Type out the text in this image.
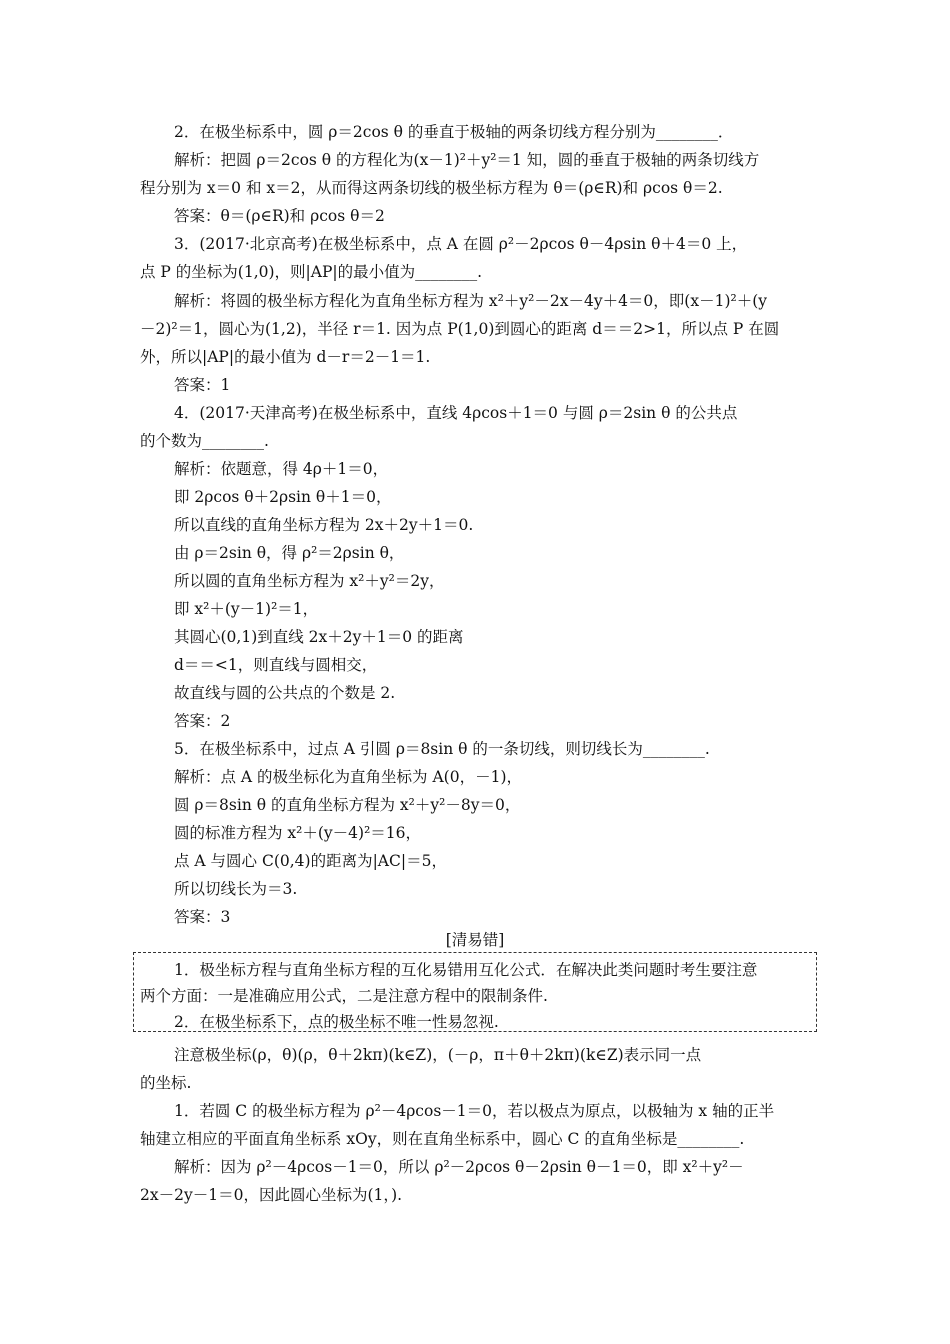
2．在极坐标系中，圆 ρ＝2cos θ 的垂直于极轴的两条切线方程分别为________．
解析：把圆 ρ＝2cos θ 的方程化为(x－1)²＋y²＝1 知，圆的垂直于极轴的两条切线方
程分别为 x＝0 和 x＝2，从而得这两条切线的极坐标方程为 θ＝(ρ∈R)和 ρcos θ＝2.
答案：θ＝(ρ∈R)和 ρcos θ＝2
3．(2017·北京高考)在极坐标系中，点 A 在圆 ρ²－2ρcos θ－4ρsin θ＋4＝0 上，
点 P 的坐标为(1,0)，则|AP|的最小值为________.
解析：将圆的极坐标方程化为直角坐标方程为 x²＋y²－2x－4y＋4＝0，即(x－1)²＋(y
－2)²＝1，圆心为(1,2)，半径 r＝1. 因为点 P(1,0)到圆心的距离 d＝＝2>1，所以点 P 在圆
外，所以|AP|的最小值为 d－r＝2－1＝1.
答案：1
4．(2017·天津高考)在极坐标系中，直线 4ρcos＋1＝0 与圆 ρ＝2sin θ 的公共点
的个数为________.
解析：依题意，得 4ρ＋1＝0，
即 2ρcos θ＋2ρsin θ＋1＝0，
所以直线的直角坐标方程为 2x＋2y＋1＝0.
由 ρ＝2sin θ，得 ρ²＝2ρsin θ，
所以圆的直角坐标方程为 x²＋y²＝2y，
即 x²＋(y－1)²＝1，
其圆心(0,1)到直线 2x＋2y＋1＝0 的距离
d＝＝<1，则直线与圆相交，
故直线与圆的公共点的个数是 2.
答案：2
5．在极坐标系中，过点 A 引圆 ρ＝8sin θ 的一条切线，则切线长为________.
解析：点 A 的极坐标化为直角坐标为 A(0，－1)，
圆 ρ＝8sin θ 的直角坐标方程为 x²＋y²－8y＝0，
圆的标准方程为 x²＋(y－4)²＝16，
点 A 与圆心 C(0,4)的距离为|AC|＝5，
所以切线长为＝3.
答案：3
[清易错]
1．极坐标方程与直角坐标方程的互化易错用互化公式．在解决此类问题时考生要注意
两个方面：一是准确应用公式，二是注意方程中的限制条件.
2．在极坐标系下，点的极坐标不唯一性易忽视.
注意极坐标(ρ，θ)(ρ，θ＋2kπ)(k∈Z)，(－ρ，π＋θ＋2kπ)(k∈Z)表示同一点
的坐标.
1．若圆 C 的极坐标方程为 ρ²－4ρcos－1＝0，若以极点为原点，以极轴为 x 轴的正半
轴建立相应的平面直角坐标系 xOy，则在直角坐标系中，圆心 C 的直角坐标是________.
解析：因为 ρ²－4ρcos－1＝0，所以 ρ²－2ρcos θ－2ρsin θ－1＝0，即 x²＋y²－
2x－2y－1＝0，因此圆心坐标为(1，).
